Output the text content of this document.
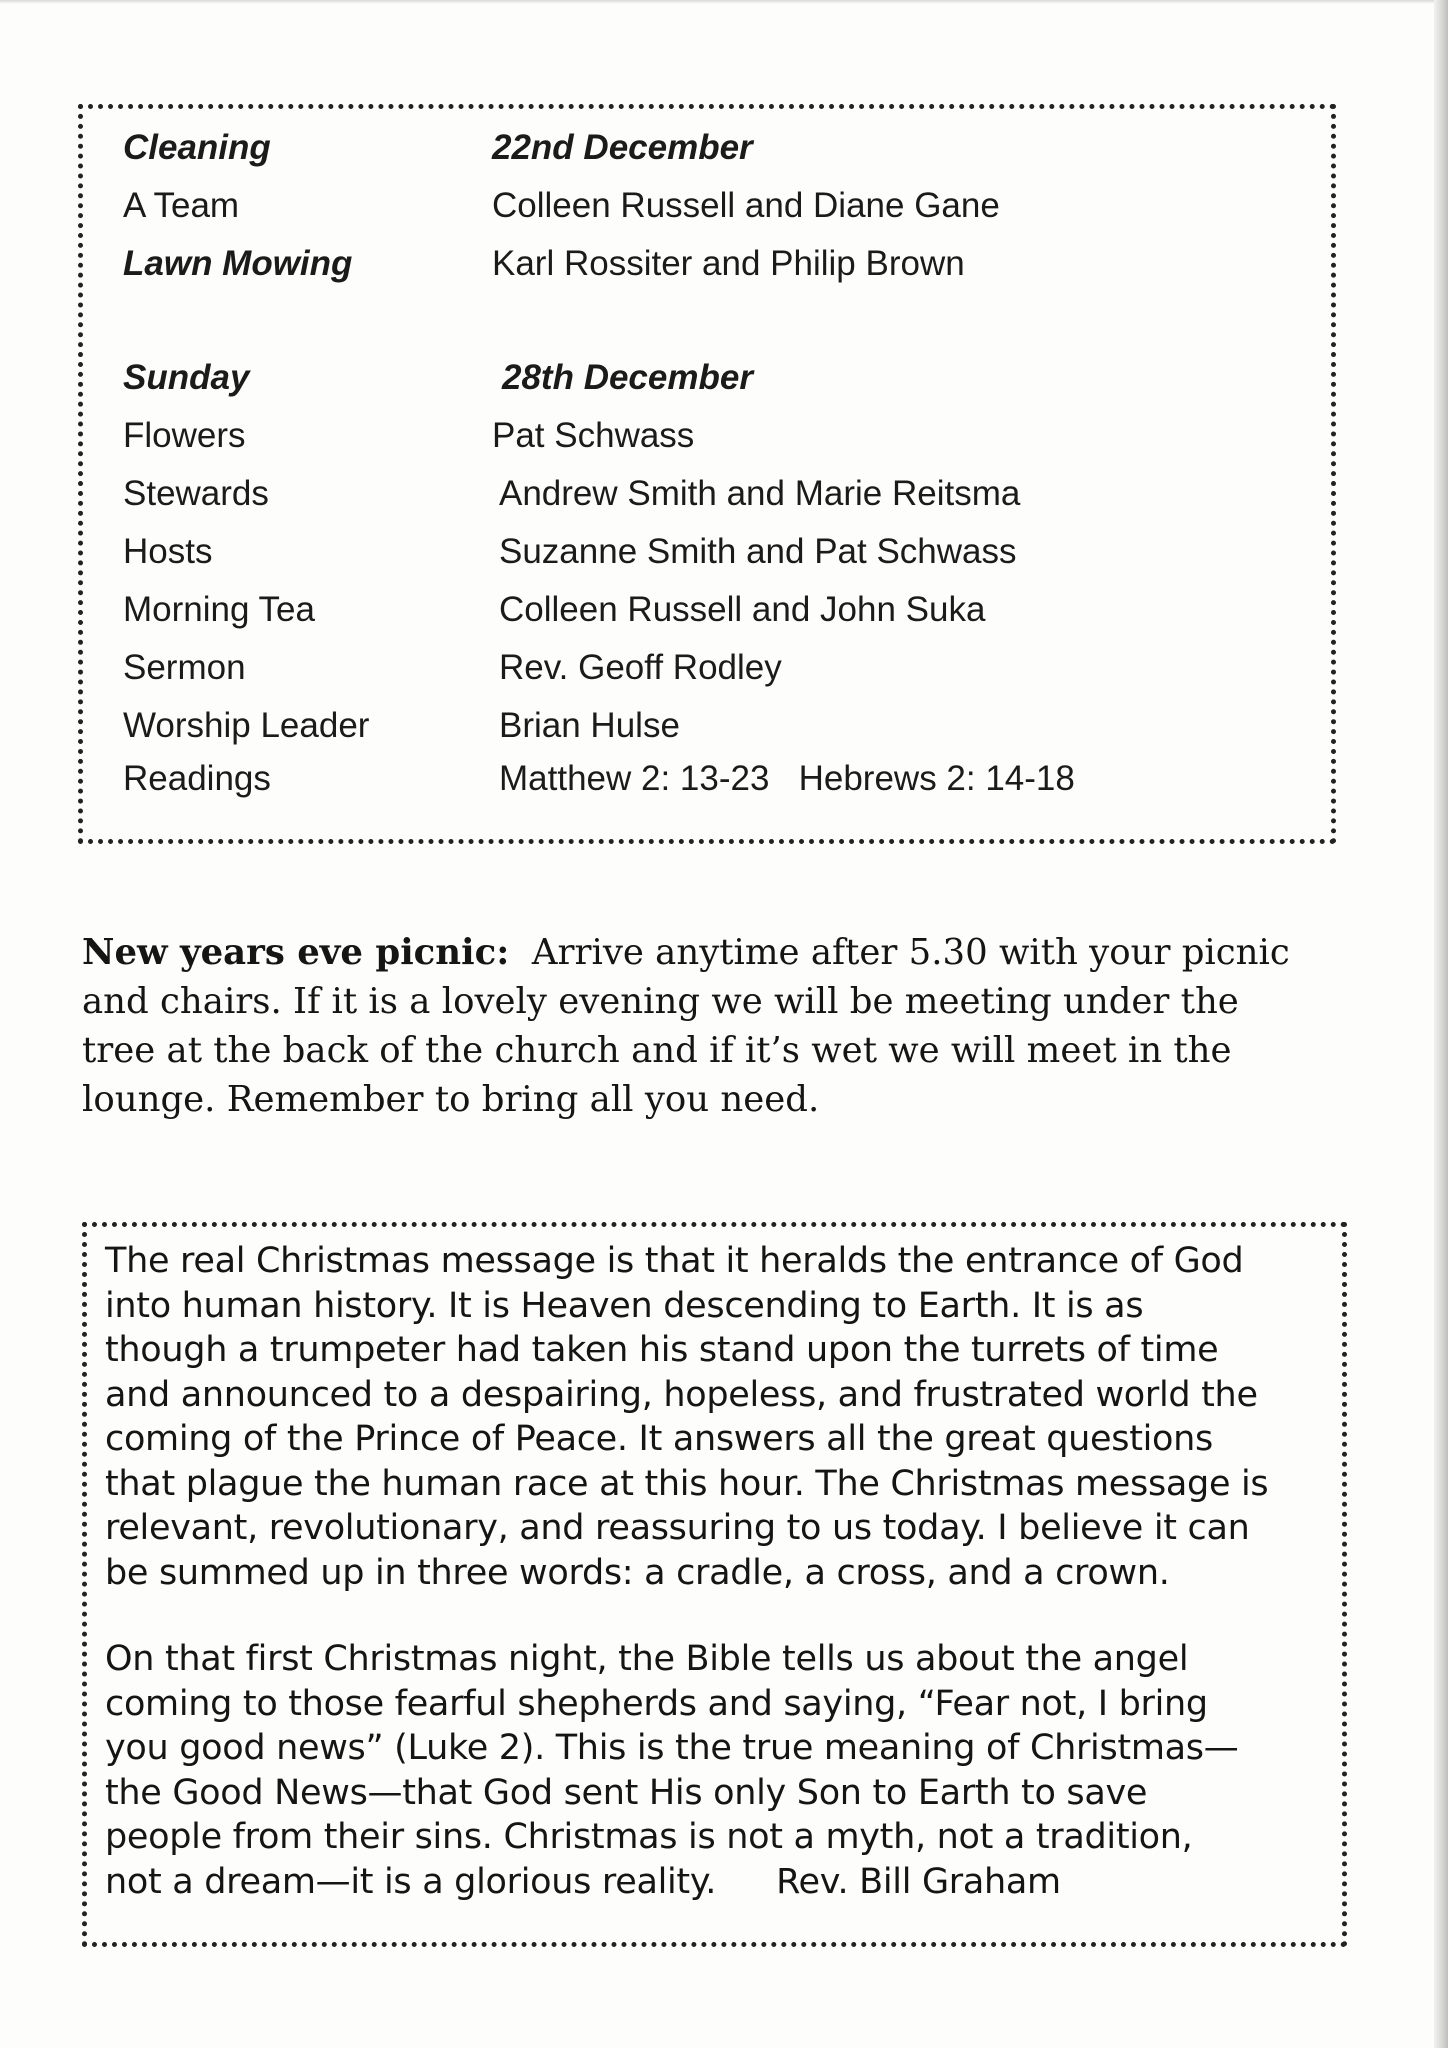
Cleaning	22nd December
A Team	Colleen Russell and Diane Gane
Lawn Mowing	Karl Rossiter and Philip Brown
Sunday	28th December
Flowers	Pat Schwass
Stewards	Andrew Smith and Marie Reitsma
Hosts	Suzanne Smith and Pat Schwass
Morning Tea	Colleen Russell and John Suka
Sermon	Rev. Geoff Rodley
Worship Leader	Brian Hulse
Readings	Matthew 2: 13-23   Hebrews 2: 14-18

New years eve picnic:  Arrive anytime after 5.30 with your picnic

and chairs. If it is a lovely evening we will be meeting under the

tree at the back of the church and if it’s wet we will meet in the

lounge. Remember to bring all you need.

The real Christmas message is that it heralds the entrance of God

into human history. It is Heaven descending to Earth. It is as

though a trumpeter had taken his stand upon the turrets of time

and announced to a despairing, hopeless, and frustrated world the

coming of the Prince of Peace. It answers all the great questions

that plague the human race at this hour. The Christmas message is

relevant, revolutionary, and reassuring to us today. I believe it can

be summed up in three words: a cradle, a cross, and a crown.

On that first Christmas night, the Bible tells us about the angel

coming to those fearful shepherds and saying, “Fear not, I bring

you good news” (Luke 2). This is the true meaning of Christmas—

the Good News—that God sent His only Son to Earth to save

people from their sins. Christmas is not a myth, not a tradition,

not a dream—it is a glorious reality. Rev. Bill Graham
